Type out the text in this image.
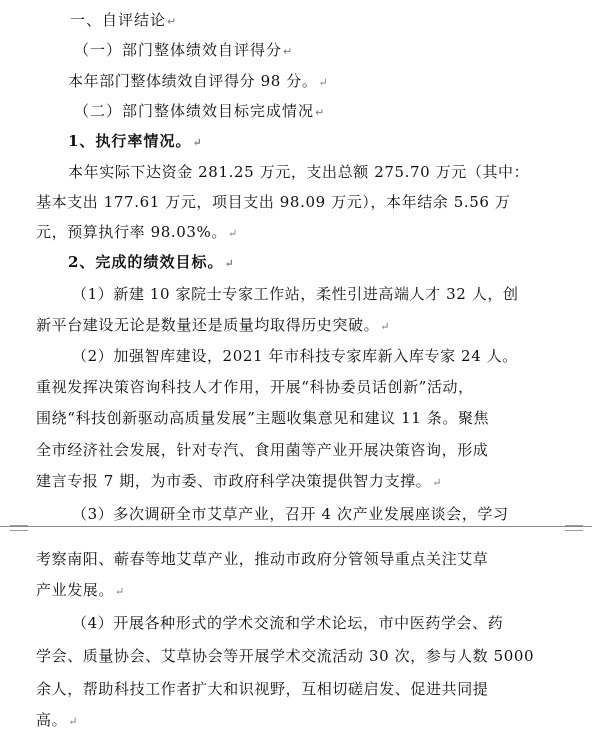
一、自评结论↵
（一）部门整体绩效自评得分↵
本年部门整体绩效自评得分 98 分。↵
（二）部门整体绩效目标完成情况↵
1、执行率情况。↵
本年实际下达资金 281.25 万元，支出总额 275.70 万元（其中：
基本支出 177.61 万元，项目支出 98.09 万元），本年结余 5.56 万
元，预算执行率 98.03%。↵
2、完成的绩效目标。↵
（1）新建 10 家院士专家工作站，柔性引进高端人才 32 人，创
新平台建设无论是数量还是质量均取得历史突破。↵
（2）加强智库建设，2021 年市科技专家库新入库专家 24 人。
重视发挥决策咨询科技人才作用，开展“科协委员话创新”活动，
围绕“科技创新驱动高质量发展”主题收集意见和建议 11 条。聚焦
全市经济社会发展，针对专汽、食用菌等产业开展决策咨询，形成
建言专报 7 期，为市委、市政府科学决策提供智力支撑。↵
（3）多次调研全市艾草产业，召开 4 次产业发展座谈会，学习
考察南阳、蕲春等地艾草产业，推动市政府分管领导重点关注艾草
产业发展。↵
（4）开展各种形式的学术交流和学术论坛，市中医药学会、药
学会、质量协会、艾草协会等开展学术交流活动 30 次，参与人数 5000
余人，帮助科技工作者扩大和识视野，互相切磋启发、促进共同提
高。↵
